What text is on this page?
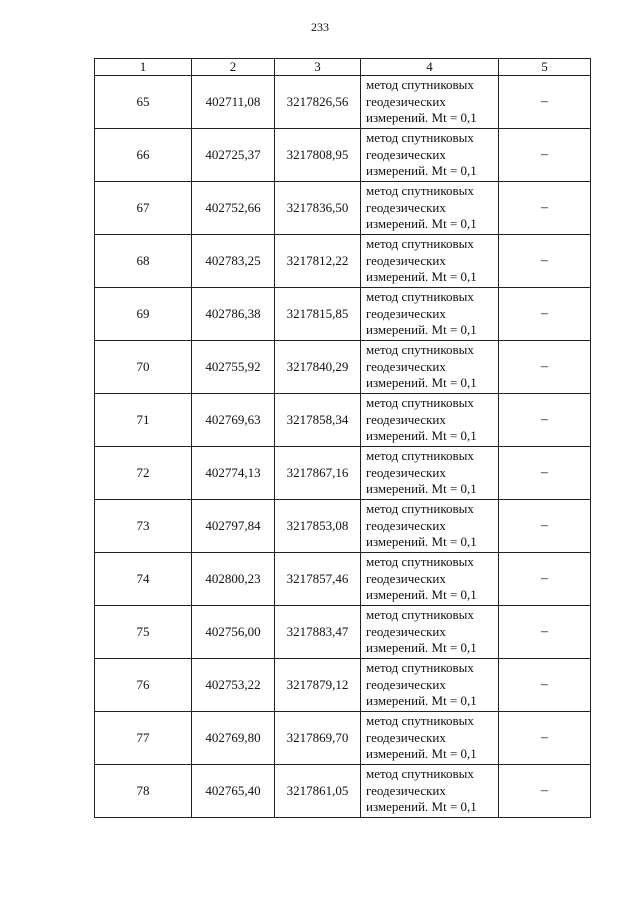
233
1	2	3	4	5
65	402711,08	3217826,56	метод спутниковых
геодезических
измерений. Mt = 0,1	–
66	402725,37	3217808,95	метод спутниковых
геодезических
измерений. Mt = 0,1	–
67	402752,66	3217836,50	метод спутниковых
геодезических
измерений. Mt = 0,1	–
68	402783,25	3217812,22	метод спутниковых
геодезических
измерений. Mt = 0,1	–
69	402786,38	3217815,85	метод спутниковых
геодезических
измерений. Mt = 0,1	–
70	402755,92	3217840,29	метод спутниковых
геодезических
измерений. Mt = 0,1	–
71	402769,63	3217858,34	метод спутниковых
геодезических
измерений. Mt = 0,1	–
72	402774,13	3217867,16	метод спутниковых
геодезических
измерений. Mt = 0,1	–
73	402797,84	3217853,08	метод спутниковых
геодезических
измерений. Mt = 0,1	–
74	402800,23	3217857,46	метод спутниковых
геодезических
измерений. Mt = 0,1	–
75	402756,00	3217883,47	метод спутниковых
геодезических
измерений. Mt = 0,1	–
76	402753,22	3217879,12	метод спутниковых
геодезических
измерений. Mt = 0,1	–
77	402769,80	3217869,70	метод спутниковых
геодезических
измерений. Mt = 0,1	–
78	402765,40	3217861,05	метод спутниковых
геодезических
измерений. Mt = 0,1	–
